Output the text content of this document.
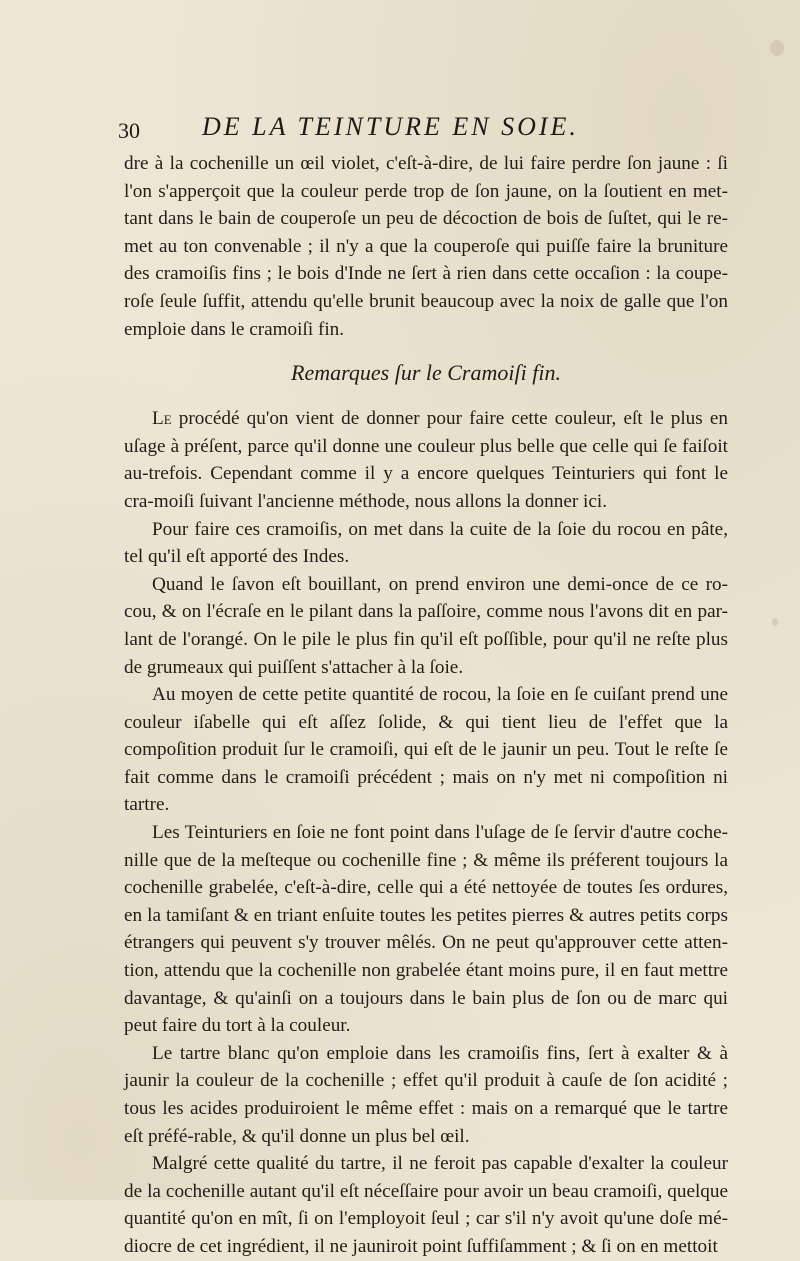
30 DE LA TEINTURE EN SOIE.

dre à la cochenille un œil violet, c'eſt-à-dire, de lui faire perdre ſon jaune : ſi l'on s'apperçoit que la couleur perde trop de ſon jaune, on la ſoutient en met-tant dans le bain de couperoſe un peu de décoction de bois de ſuſtet, qui le re-met au ton convenable ; il n'y a que la couperoſe qui puiſſe faire la bruniture des cramoiſis fins ; le bois d'Inde ne ſert à rien dans cette occaſion : la coupe-roſe ſeule ſuffit, attendu qu'elle brunit beaucoup avec la noix de galle que l'on emploie dans le cramoiſi fin.

Remarques ſur le Cramoiſi fin.

Le procédé qu'on vient de donner pour faire cette couleur, eſt le plus en uſage à préſent, parce qu'il donne une couleur plus belle que celle qui ſe faiſoit au-trefois. Cependant comme il y a encore quelques Teinturiers qui font le cra-moiſi ſuivant l'ancienne méthode, nous allons la donner ici.

Pour faire ces cramoiſis, on met dans la cuite de la ſoie du rocou en pâte, tel qu'il eſt apporté des Indes.

Quand le ſavon eſt bouillant, on prend environ une demi-once de ce ro-cou, & on l'écraſe en le pilant dans la paſſoire, comme nous l'avons dit en par-lant de l'orangé. On le pile le plus fin qu'il eſt poſſible, pour qu'il ne reſte plus de grumeaux qui puiſſent s'attacher à la ſoie.

Au moyen de cette petite quantité de rocou, la ſoie en ſe cuiſant prend une couleur iſabelle qui eſt aſſez ſolide, & qui tient lieu de l'effet que la compoſition produit ſur le cramoiſi, qui eſt de le jaunir un peu. Tout le reſte ſe fait comme dans le cramoiſi précédent ; mais on n'y met ni compoſition ni tartre.

Les Teinturiers en ſoie ne font point dans l'uſage de ſe ſervir d'autre coche-nille que de la meſteque ou cochenille fine ; & même ils préferent toujours la cochenille grabelée, c'eſt-à-dire, celle qui a été nettoyée de toutes ſes ordures, en la tamiſant & en triant enſuite toutes les petites pierres & autres petits corps étrangers qui peuvent s'y trouver mêlés. On ne peut qu'approuver cette atten-tion, attendu que la cochenille non grabelée étant moins pure, il en faut mettre davantage, & qu'ainſi on a toujours dans le bain plus de ſon ou de marc qui peut faire du tort à la couleur.

Le tartre blanc qu'on emploie dans les cramoiſis fins, ſert à exalter & à jaunir la couleur de la cochenille ; effet qu'il produit à cauſe de ſon acidité ; tous les acides produiroient le même effet : mais on a remarqué que le tartre eſt préfé-rable, & qu'il donne un plus bel œil.

Malgré cette qualité du tartre, il ne feroit pas capable d'exalter la couleur de la cochenille autant qu'il eſt néceſſaire pour avoir un beau cramoiſi, quelque quantité qu'on en mît, ſi on l'employoit ſeul ; car s'il n'y avoit qu'une doſe mé-diocre de cet ingrédient, il ne jauniroit point ſuffiſamment ; & ſi on en mettoit
